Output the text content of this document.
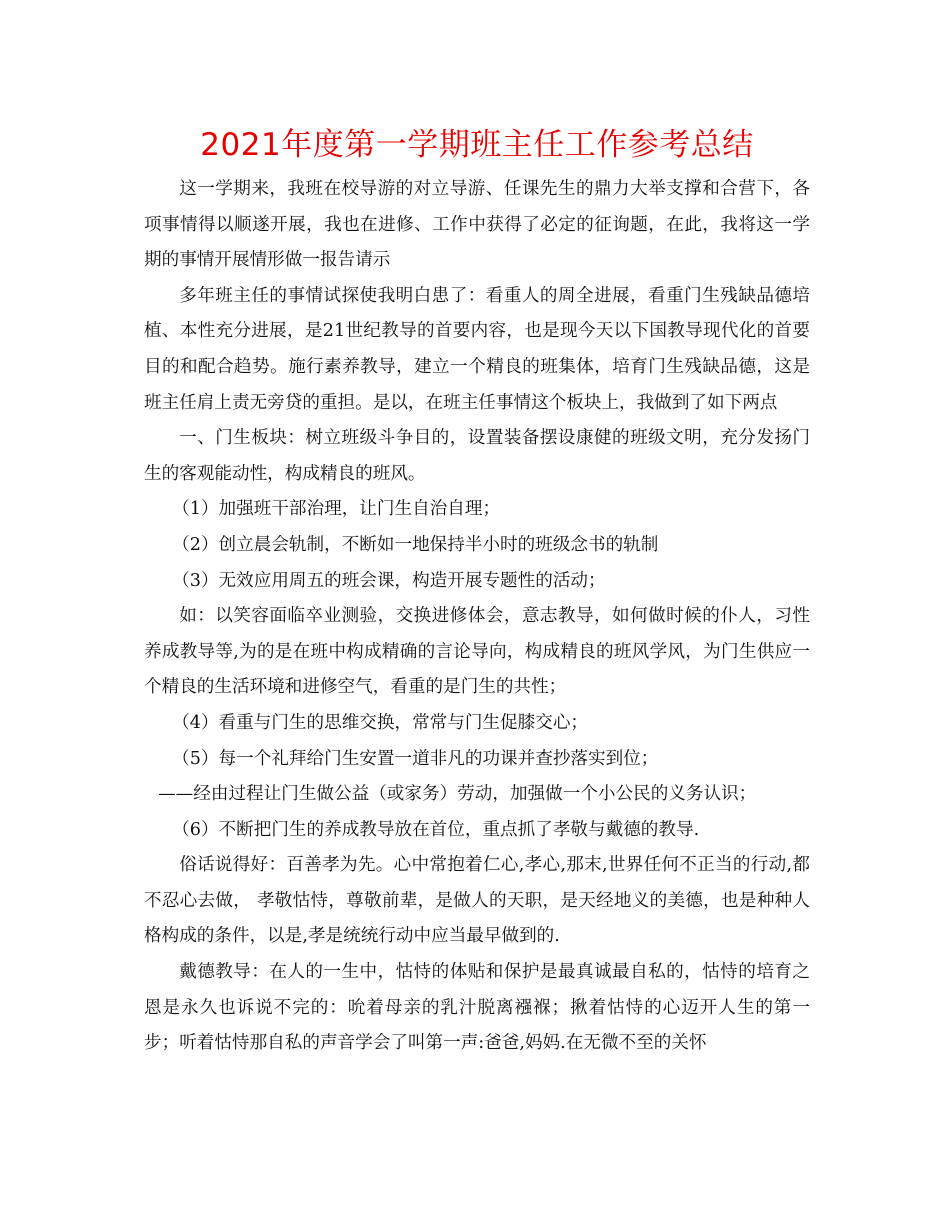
2021年度第一学期班主任工作参考总结

这一学期来，我班在校导游的对立导游、任课先生的鼎力大举支撑和合营下，各项事情得以顺遂开展，我也在进修、工作中获得了必定的征询题，在此，我将这一学期的事情开展情形做一报告请示

多年班主任的事情试探使我明白患了：看重人的周全进展，看重门生残缺品德培植、本性充分进展，是21世纪教导的首要内容，也是现今天以下国教导现代化的首要目的和配合趋势。施行素养教导，建立一个精良的班集体，培育门生残缺品德，这是班主任肩上责无旁贷的重担。是以，在班主任事情这个板块上，我做到了如下两点

一、门生板块：树立班级斗争目的，设置装备摆设康健的班级文明，充分发扬门生的客观能动性，构成精良的班风。

（1）加强班干部治理，让门生自治自理；

（2）创立晨会轨制，不断如一地保持半小时的班级念书的轨制

（3）无效应用周五的班会课，构造开展专题性的活动；

如：以笑容面临卒业测验，交换进修体会，意志教导，如何做时候的仆人，习性养成教导等,为的是在班中构成精确的言论导向，构成精良的班风学风，为门生供应一个精良的生活环境和进修空气，看重的是门生的共性；

（4）看重与门生的思维交换，常常与门生促膝交心；

（5）每一个礼拜给门生安置一道非凡的功课并查抄落实到位；

——经由过程让门生做公益（或家务）劳动，加强做一个小公民的义务认识；

（6）不断把门生的养成教导放在首位，重点抓了孝敬与戴德的教导.

俗话说得好：百善孝为先。心中常抱着仁心,孝心,那末,世界任何不正当的行动,都不忍心去做， 孝敬怙恃，尊敬前辈，是做人的天职，是天经地义的美德，也是种种人格构成的条件，以是,孝是统统行动中应当最早做到的.

戴德教导：在人的一生中，怙恃的体贴和保护是最真诚最自私的，怙恃的培育之恩是永久也诉说不完的：吮着母亲的乳汁脱离襁褓；揪着怙恃的心迈开人生的第一步；听着怙恃那自私的声音学会了叫第一声:爸爸,妈妈.在无微不至的关怀
